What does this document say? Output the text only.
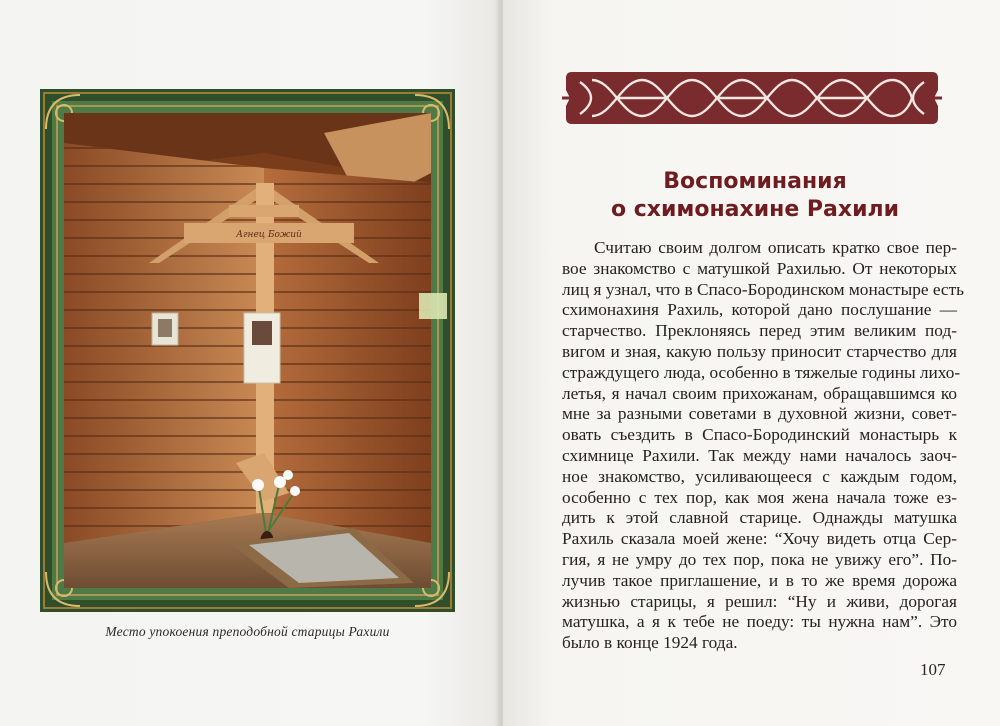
Агнец Божий
Место упокоения преподобной старицы Рахили
Воспоминания
о схимонахине Рахили
Считаю своим долгом описать кратко свое пер-
вое знакомство с матушкой Рахилью. От некоторых
лиц я узнал, что в Спасо-Бородинском монастыре есть
схимонахиня Рахиль, которой дано послушание —
старчество. Преклоняясь перед этим великим под-
вигом и зная, какую пользу приносит старчество для
страждущего люда, особенно в тяжелые годины лихо-
летья, я начал своим прихожанам, обращавшимся ко
мне за разными советами в духовной жизни, совет-
овать съездить в Спасо-Бородинский монастырь к
схимнице Рахили. Так между нами началось заоч-
ное знакомство, усиливающееся с каждым годом,
особенно с тех пор, как моя жена начала тоже ез-
дить к этой славной старице. Однажды матушка
Рахиль сказала моей жене: “Хочу видеть отца Сер-
гия, я не умру до тех пор, пока не увижу его”. По-
лучив такое приглашение, и в то же время дорожа
жизнью старицы, я решил: “Ну и живи, дорогая
матушка, а я к тебе не поеду: ты нужна нам”. Это
было в конце 1924 года.
107
